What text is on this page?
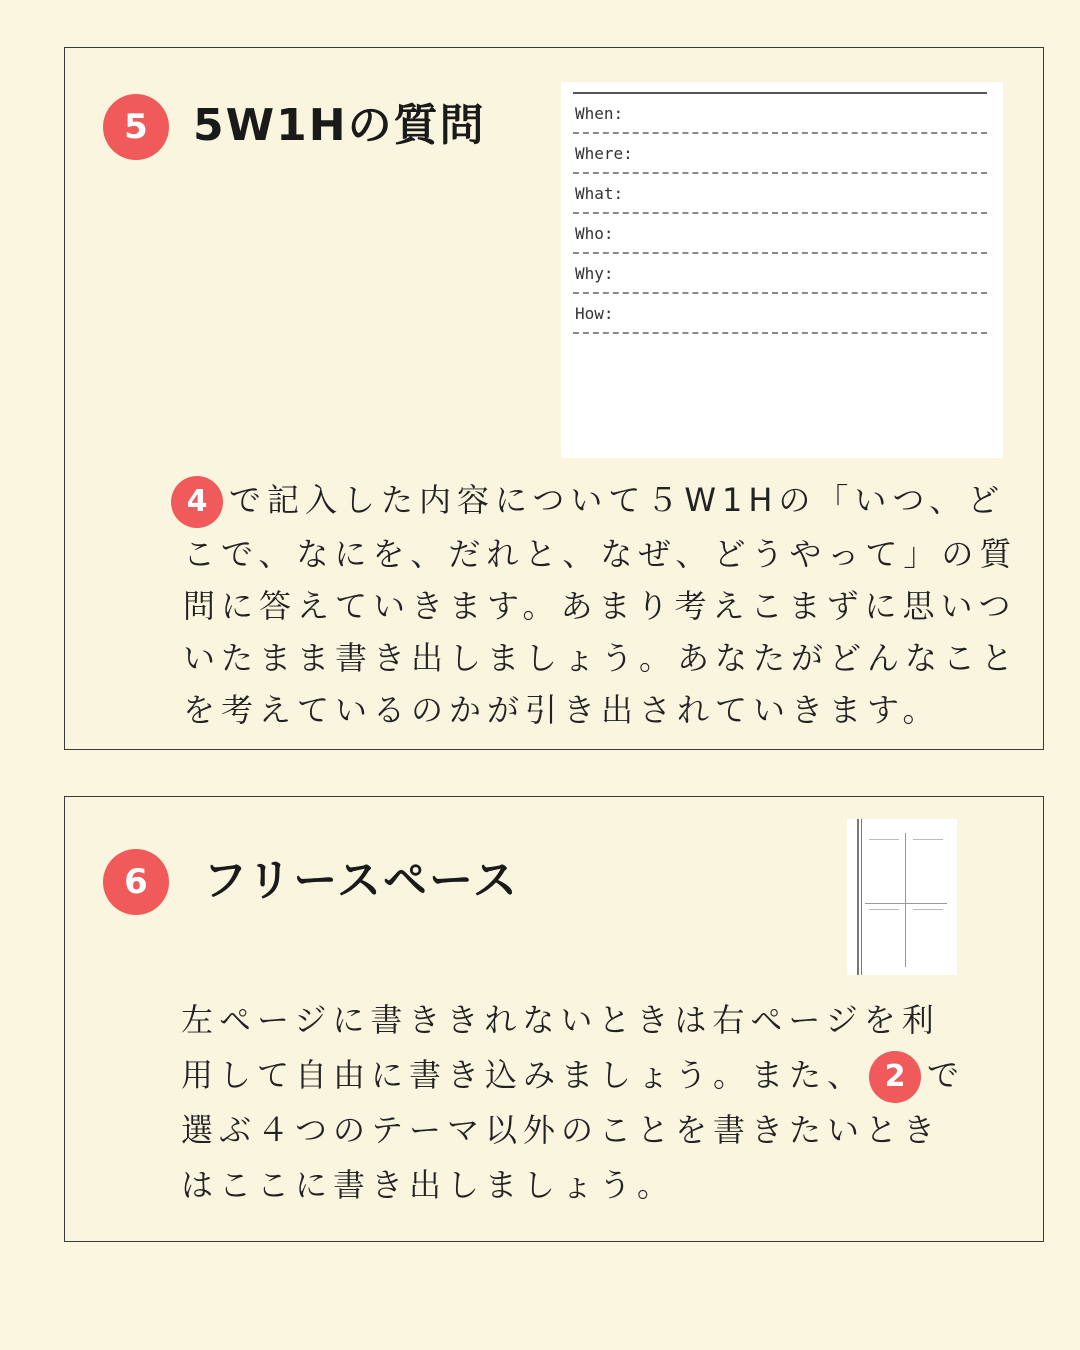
5	5W1Hの質問	When:
Where:
What:
Who:
Why:
How:
4 で記入した内容について５W1Hの「いつ、ど
こで、なにを、だれと、なぜ、どうやって」の質
問に答えていきます。あまり考えこまずに思いつ
いたまま書き出しましょう。あなたがどんなこと
を考えているのかが引き出されていきます。
6	フリースペース
左ページに書ききれないときは右ページを利
用して自由に書き込みましょう。また、 2 で
選ぶ４つのテーマ以外のことを書きたいとき
はここに書き出しましょう。
